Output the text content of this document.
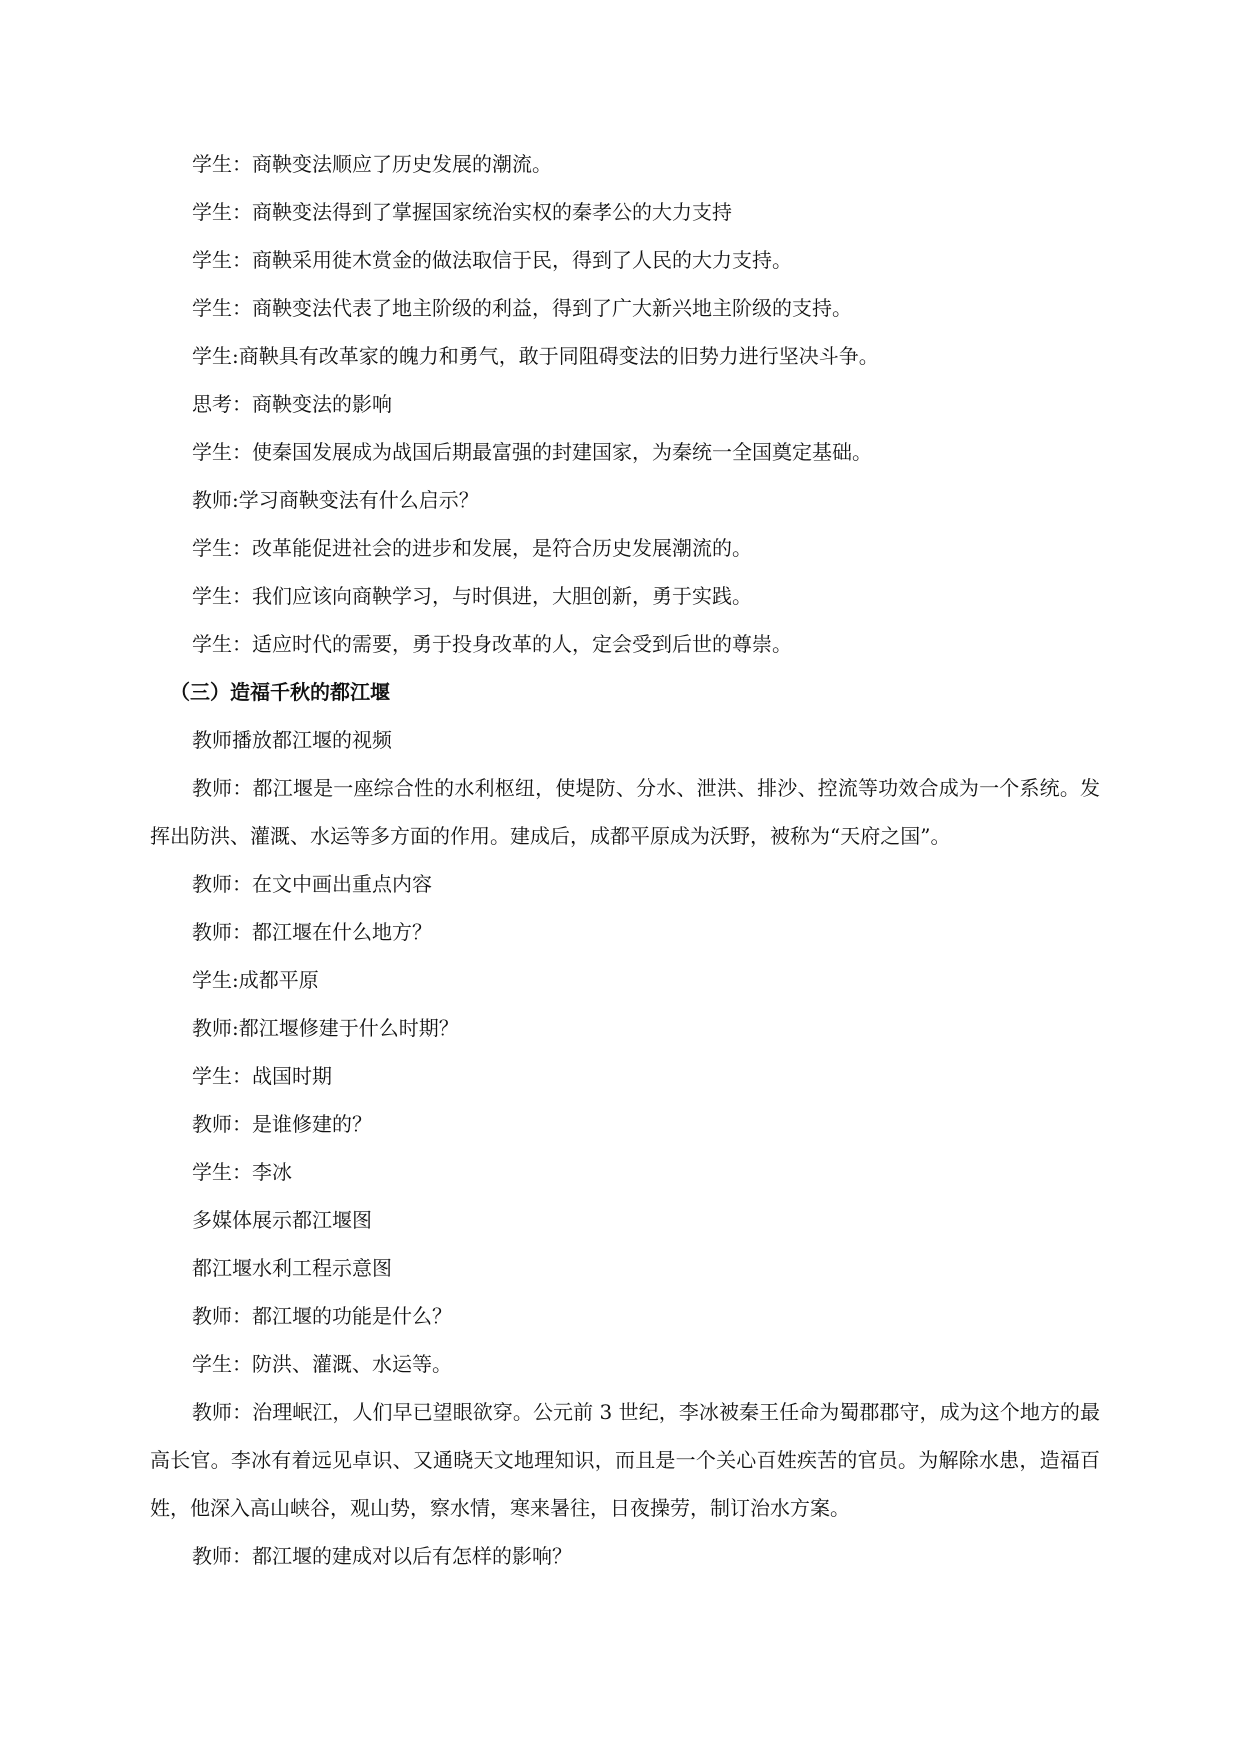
学生：商鞅变法顺应了历史发展的潮流。

学生：商鞅变法得到了掌握国家统治实权的秦孝公的大力支持

学生：商鞅采用徙木赏金的做法取信于民，得到了人民的大力支持。

学生：商鞅变法代表了地主阶级的利益，得到了广大新兴地主阶级的支持。

学生:商鞅具有改革家的魄力和勇气，敢于同阻碍变法的旧势力进行坚决斗争。

思考：商鞅变法的影响

学生：使秦国发展成为战国后期最富强的封建国家，为秦统一全国奠定基础。

教师:学习商鞅变法有什么启示？

学生：改革能促进社会的进步和发展，是符合历史发展潮流的。

学生：我们应该向商鞅学习，与时俱进，大胆创新，勇于实践。

学生：适应时代的需要，勇于投身改革的人，定会受到后世的尊崇。

（三）造福千秋的都江堰

教师播放都江堰的视频

教师：都江堰是一座综合性的水利枢纽，使堤防、分水、泄洪、排沙、控流等功效合成为一个系统。发挥出防洪、灌溉、水运等多方面的作用。建成后，成都平原成为沃野，被称为“天府之国”。

教师：在文中画出重点内容

教师：都江堰在什么地方？

学生:成都平原

教师:都江堰修建于什么时期？

学生：战国时期

教师：是谁修建的？

学生：李冰

多媒体展示都江堰图

都江堰水利工程示意图

教师：都江堰的功能是什么？

学生：防洪、灌溉、水运等。

教师：治理岷江，人们早已望眼欲穿。公元前 3 世纪，李冰被秦王任命为蜀郡郡守，成为这个地方的最高长官。李冰有着远见卓识、又通晓天文地理知识，而且是一个关心百姓疾苦的官员。为解除水患，造福百姓，他深入高山峡谷，观山势，察水情，寒来暑往，日夜操劳，制订治水方案。

教师：都江堰的建成对以后有怎样的影响？
